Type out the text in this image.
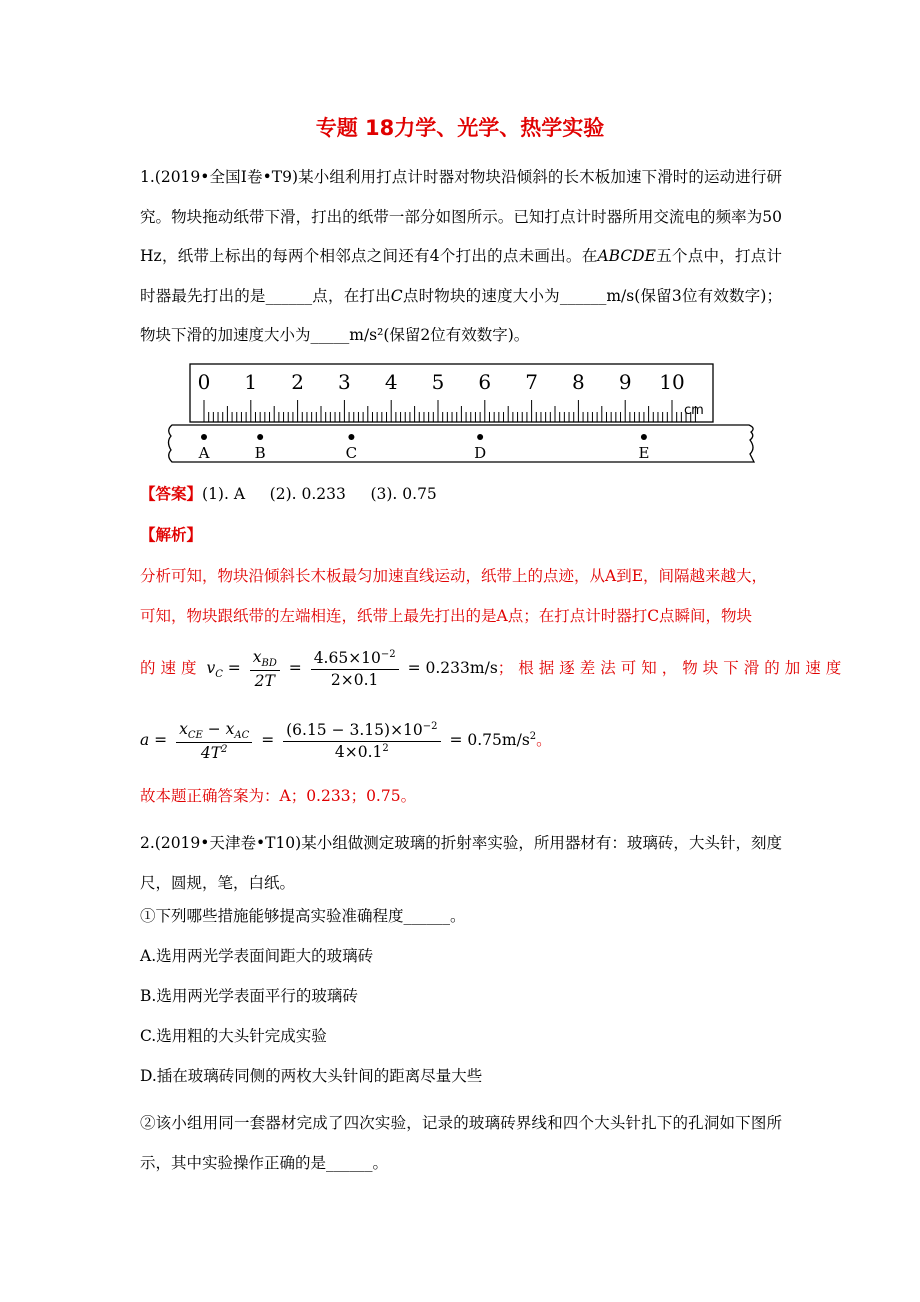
专题 18力学、光学、热学实验
1.(2019•全国Ⅰ卷•T9)某小组利用打点计时器对物块沿倾斜的长木板加速下滑时的运动进行研究。物块拖动纸带下滑，打出的纸带一部分如图所示。已知打点计时器所用交流电的频率为50 Hz，纸带上标出的每两个相邻点之间还有4个打出的点未画出。在ABCDE五个点中，打点计时器最先打出的是______点，在打出C点时物块的速度大小为______m/s(保留3位有效数字)；物块下滑的加速度大小为_____m/s²(保留2位有效数字)。
0 1 2 3 4 5 6 7 8 9 10
cm
A	B	C	D	E
【答案】(1). A     (2). 0.233     (3). 0.75
【解析】
分析可知，物块沿倾斜长木板最匀加速直线运动，纸带上的点迹，从A到E，间隔越来越大，
可知，物块跟纸带的左端相连，纸带上最先打出的是A点；在打点计时器打C点瞬间，物块
的速度 $v_C = \frac{x_{BD}}{2T} = \frac{4.65\times 10^{-2}}{2\times 0.1} = 0.233m/s$；根据逐差法可知，物块下滑的加速度
$a = \frac{x_{CE} - x_{AC}}{4T^2} = \frac{(6.15 - 3.15)\times 10^{-2}}{4\times 0.1^2} = 0.75m/s^2$。
故本题正确答案为：A；0.233；0.75。
2.(2019•天津卷•T10)某小组做测定玻璃的折射率实验，所用器材有：玻璃砖，大头针，刻度尺，圆规，笔，白纸。
①下列哪些措施能够提高实验准确程度______。
A.选用两光学表面间距大的玻璃砖
B.选用两光学表面平行的玻璃砖
C.选用粗的大头针完成实验
D.插在玻璃砖同侧的两枚大头针间的距离尽量大些
②该小组用同一套器材完成了四次实验，记录的玻璃砖界线和四个大头针扎下的孔洞如下图所示，其中实验操作正确的是______。
